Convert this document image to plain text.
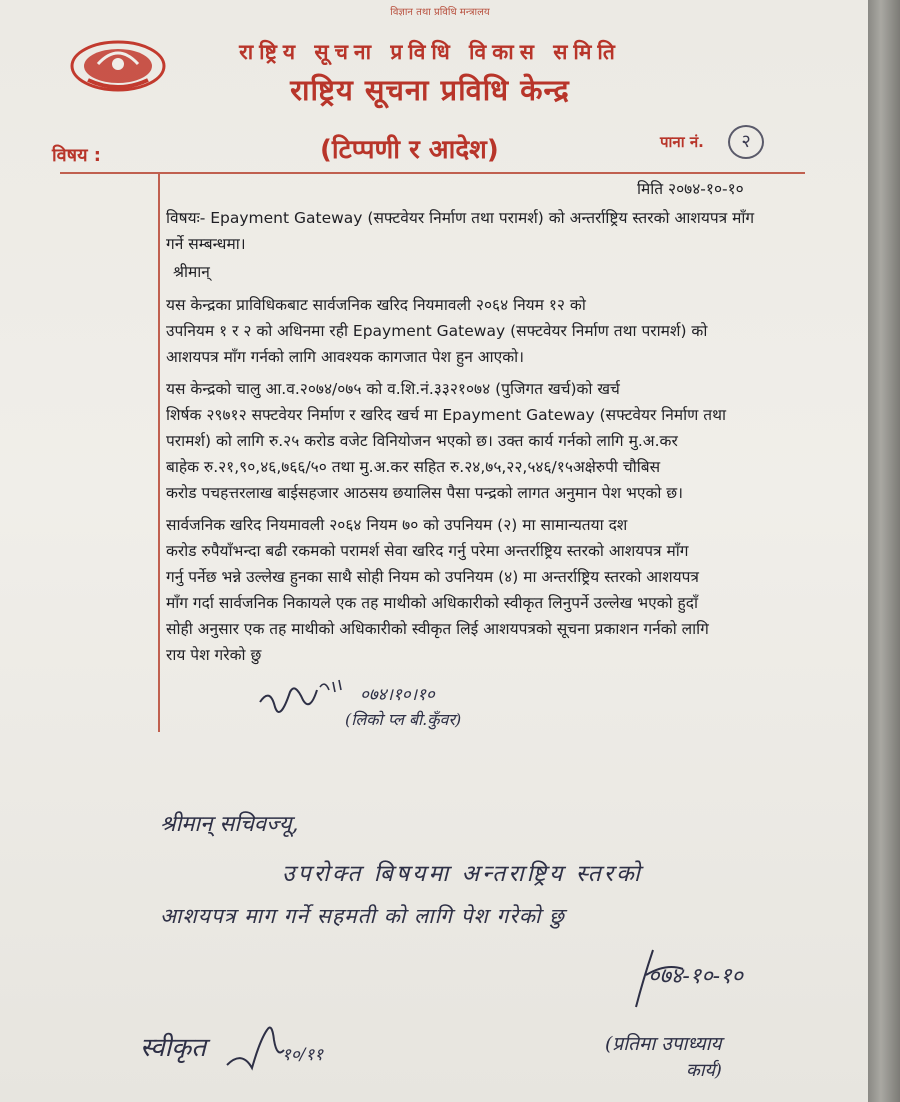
विज्ञान तथा प्रविधि मन्त्रालय
राष्ट्रिय सूचना प्रविधि विकास समिति
राष्ट्रिय सूचना प्रविधि केन्द्र
विषय :	(टिप्पणी र आदेश)	पाना नं.	२
मिति २०७४-१०-१०
विषयः- Epayment Gateway (सफ्टवेयर निर्माण तथा परामर्श) को अन्तर्राष्ट्रिय स्तरको आशयपत्र माँग
गर्ने सम्बन्धमा।
श्रीमान्
यस केन्द्रका प्राविधिकबाट सार्वजनिक खरिद नियमावली २०६४ नियम १२ को
उपनियम १ र २ को अधिनमा रही Epayment Gateway (सफ्टवेयर निर्माण तथा परामर्श) को
आशयपत्र माँग गर्नको लागि आवश्यक कागजात पेश हुन आएको।
यस केन्द्रको चालु आ.व.२०७४/०७५ को व.शि.नं.३३२१०७४ (पुजिगत खर्च)को खर्च
शिर्षक २९७१२ सफ्टवेयर निर्माण र खरिद खर्च मा Epayment Gateway (सफ्टवेयर निर्माण तथा
परामर्श) को लागि रु.२५ करोड वजेट विनियोजन भएको छ। उक्त कार्य गर्नको लागि मु.अ.कर
बाहेक रु.२१,९०,४६,७६६/५० तथा मु.अ.कर सहित रु.२४,७५,२२,५४६/१५अक्षेरुपी चौबिस
करोड पचहत्तरलाख बाईसहजार आठसय छयालिस पैसा पन्द्रको लागत अनुमान पेश भएको छ।
सार्वजनिक खरिद नियमावली २०६४ नियम ७० को उपनियम (२) मा सामान्यतया दश
करोड रुपैयाँभन्दा बढी रकमको परामर्श सेवा खरिद गर्नु परेमा अन्तर्राष्ट्रिय स्तरको आशयपत्र माँग
गर्नु पर्नेछ भन्ने उल्लेख हुनका साथै सोही नियम को उपनियम (४) मा अन्तर्राष्ट्रिय स्तरको आशयपत्र
माँग गर्दा सार्वजनिक निकायले एक तह माथीको अधिकारीको स्वीकृत लिनुपर्ने उल्लेख भएको हुदाँ
सोही अनुसार एक तह माथीको अधिकारीको स्वीकृत लिई आशयपत्रको सूचना प्रकाशन गर्नको लागि
राय पेश गरेको छु
०७४।१०।१०
(लिको प्ल बी.कुँवर)
श्रीमान् सचिवज्यू,
उपरोक्त बिषयमा अन्तराष्ट्रिय स्तरको
आशयपत्र माग गर्ने सहमती को लागि पेश गरेको छु
०७४-१०-१०
(प्रतिमा उपाध्याय
कार्य)
स्वीकृत	१०/११
